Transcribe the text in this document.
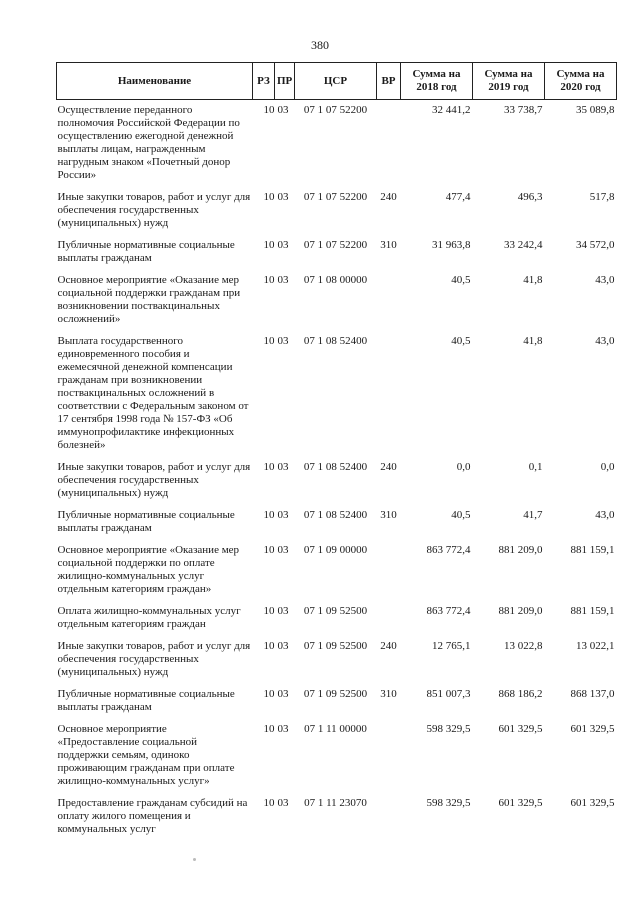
380
Наименование	РЗ	ПР	ЦСР	ВР	Сумма на 2018 год	Сумма на 2019 год	Сумма на 2020 год
Осуществление переданного полномочия Российской Федерации по осуществлению ежегодной денежной выплаты лицам, награжденным нагрудным знаком «Почетный донор России»	10	03	07 1 07 52200		32 441,2	33 738,7	35 089,8
Иные закупки товаров, работ и услуг для обеспечения государственных (муниципальных) нужд	10	03	07 1 07 52200	240	477,4	496,3	517,8
Публичные нормативные социальные выплаты гражданам	10	03	07 1 07 52200	310	31 963,8	33 242,4	34 572,0
Основное мероприятие «Оказание мер социальной поддержки гражданам при возникновении поствакцинальных осложнений»	10	03	07 1 08 00000		40,5	41,8	43,0
Выплата государственного единовременного пособия и ежемесячной денежной компенсации гражданам при возникновении поствакцинальных осложнений в соответствии с Федеральным законом от 17 сентября 1998 года № 157-ФЗ «Об иммунопрофилактике инфекционных болезней»	10	03	07 1 08 52400		40,5	41,8	43,0
Иные закупки товаров, работ и услуг для обеспечения государственных (муниципальных) нужд	10	03	07 1 08 52400	240	0,0	0,1	0,0
Публичные нормативные социальные выплаты гражданам	10	03	07 1 08 52400	310	40,5	41,7	43,0
Основное мероприятие «Оказание мер социальной поддержки по оплате жилищно-коммунальных услуг отдельным категориям граждан»	10	03	07 1 09 00000		863 772,4	881 209,0	881 159,1
Оплата жилищно-коммунальных услуг отдельным категориям граждан	10	03	07 1 09 52500		863 772,4	881 209,0	881 159,1
Иные закупки товаров, работ и услуг для обеспечения государственных (муниципальных) нужд	10	03	07 1 09 52500	240	12 765,1	13 022,8	13 022,1
Публичные нормативные социальные выплаты гражданам	10	03	07 1 09 52500	310	851 007,3	868 186,2	868 137,0
Основное мероприятие «Предоставление социальной поддержки семьям, одиноко проживающим гражданам при оплате жилищно-коммунальных услуг»	10	03	07 1 11 00000		598 329,5	601 329,5	601 329,5
Предоставление гражданам субсидий на оплату жилого помещения и коммунальных услуг	10	03	07 1 11 23070		598 329,5	601 329,5	601 329,5
